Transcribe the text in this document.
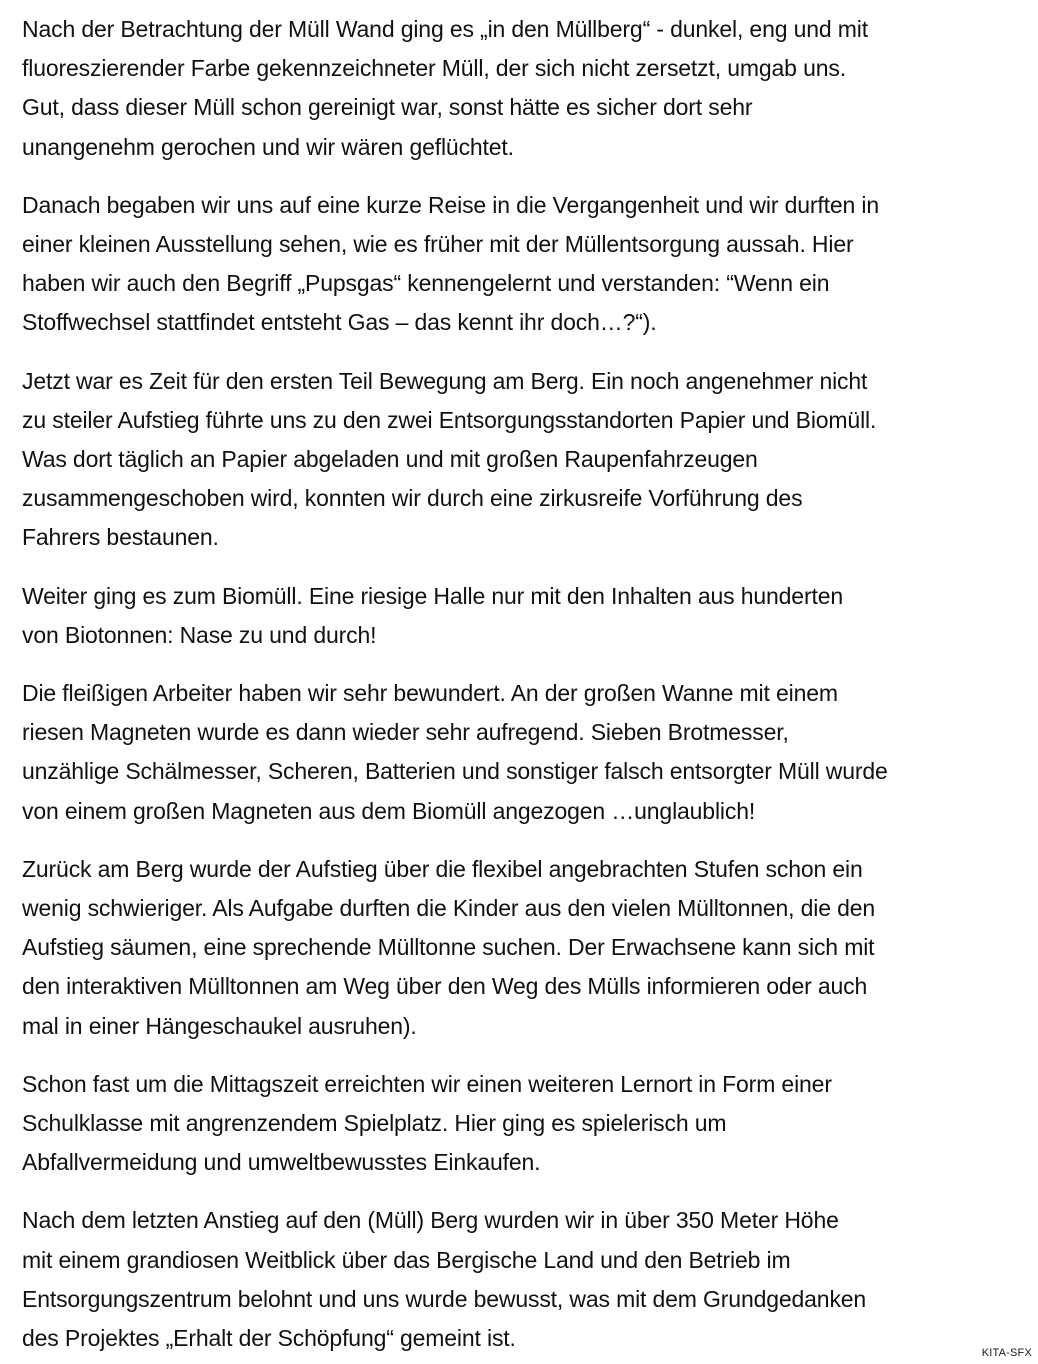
Nach der Betrachtung der Müll Wand ging es „in den Müllberg“ - dunkel, eng und mit
fluoreszierender Farbe gekennzeichneter Müll, der sich nicht zersetzt, umgab uns.
Gut, dass dieser Müll schon gereinigt war, sonst hätte es sicher dort sehr
unangenehm gerochen und wir wären geflüchtet.

Danach begaben wir uns auf eine kurze Reise in die Vergangenheit und wir durften in
einer kleinen Ausstellung sehen, wie es früher mit der Müllentsorgung aussah. Hier
haben wir auch den Begriff „Pupsgas“ kennengelernt und verstanden: “Wenn ein
Stoffwechsel stattfindet entsteht Gas – das kennt ihr doch…?“).

Jetzt war es Zeit für den ersten Teil Bewegung am Berg. Ein noch angenehmer nicht
zu steiler Aufstieg führte uns zu den zwei Entsorgungsstandorten Papier und Biomüll.
Was dort täglich an Papier abgeladen und mit großen Raupenfahrzeugen
zusammengeschoben wird, konnten wir durch eine zirkusreife Vorführung des
Fahrers bestaunen.

Weiter ging es zum Biomüll. Eine riesige Halle nur mit den Inhalten aus hunderten
von Biotonnen: Nase zu und durch!

Die fleißigen Arbeiter haben wir sehr bewundert. An der großen Wanne mit einem
riesen Magneten wurde es dann wieder sehr aufregend. Sieben Brotmesser,
unzählige Schälmesser, Scheren, Batterien und sonstiger falsch entsorgter Müll wurde
von einem großen Magneten aus dem Biomüll angezogen …unglaublich!

Zurück am Berg wurde der Aufstieg über die flexibel angebrachten Stufen schon ein
wenig schwieriger. Als Aufgabe durften die Kinder aus den vielen Mülltonnen, die den
Aufstieg säumen, eine sprechende Mülltonne suchen. Der Erwachsene kann sich mit
den interaktiven Mülltonnen am Weg über den Weg des Mülls informieren oder auch
mal in einer Hängeschaukel ausruhen).

Schon fast um die Mittagszeit erreichten wir einen weiteren Lernort in Form einer
Schulklasse mit angrenzendem Spielplatz. Hier ging es spielerisch um
Abfallvermeidung und umweltbewusstes Einkaufen.

Nach dem letzten Anstieg auf den (Müll) Berg wurden wir in über 350 Meter Höhe
mit einem grandiosen Weitblick über das Bergische Land und den Betrieb im
Entsorgungszentrum belohnt und uns wurde bewusst, was mit dem Grundgedanken
des Projektes „Erhalt der Schöpfung“ gemeint ist.

KITA-SFX
